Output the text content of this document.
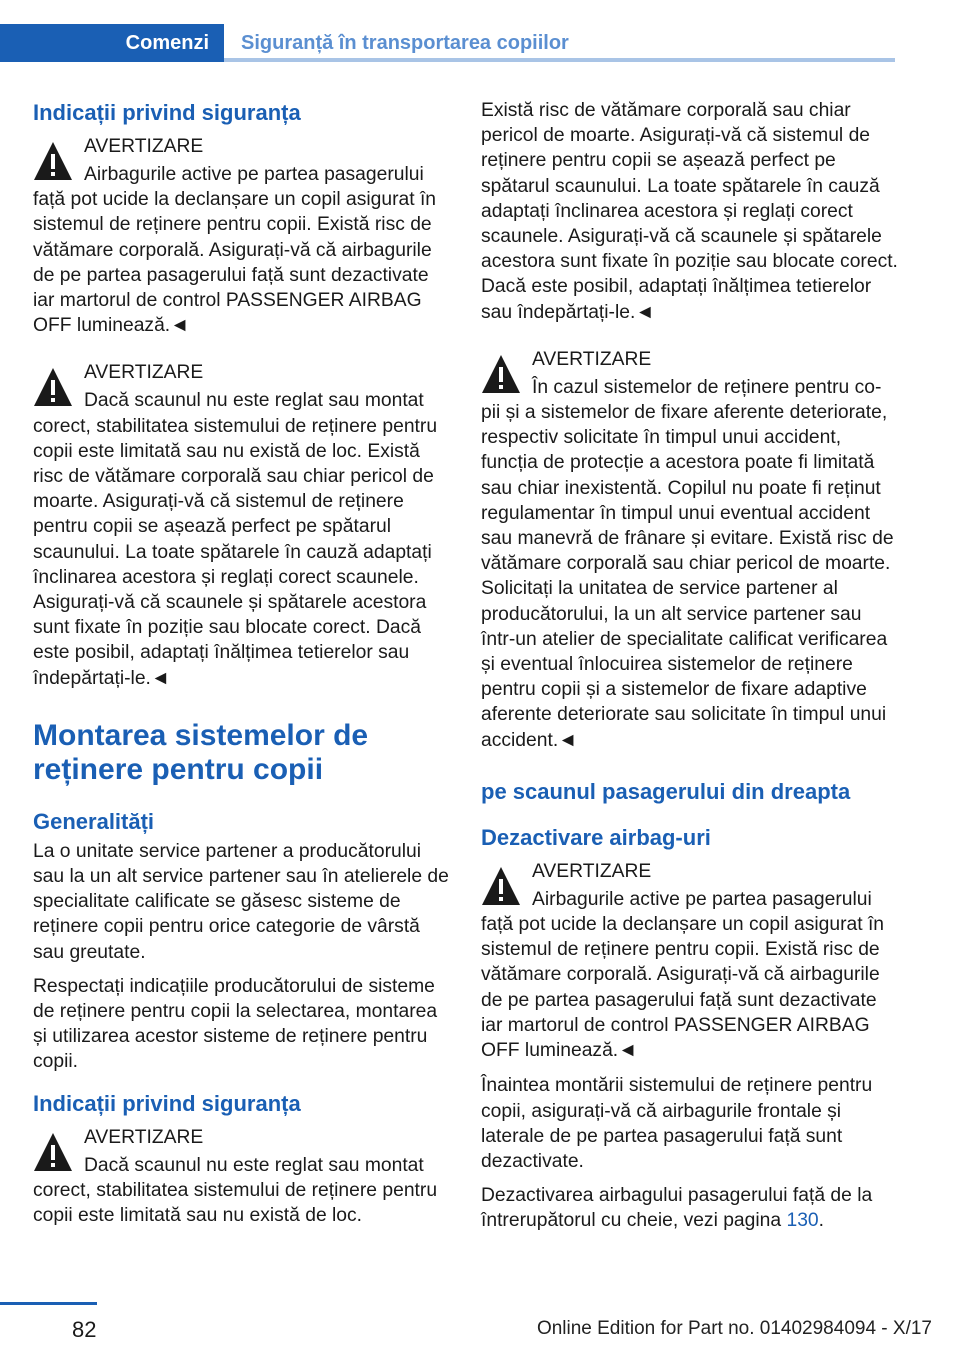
Comenzi	Siguranță în transportarea copiilor
Indicații privind siguranța
AVERTIZARE
Airbagurile active pe partea pasagerului
față pot ucide la declanșare un copil asigurat în sistemul de reținere pentru copii. Există risc de vătămare corporală. Asigurați-vă că airbagurile de pe partea pasagerului față sunt dezactivate iar martorul de control PASSENGER AIRBAG OFF luminează.◄
AVERTIZARE
Dacă scaunul nu este reglat sau montat
corect, stabilitatea sistemului de reținere pentru copii este limitată sau nu există de loc. Există risc de vătămare corporală sau chiar pericol de moarte. Asigurați-vă că sistemul de reținere pentru copii se așează perfect pe spătarul scaunului. La toate spătarele în cauză adaptați înclinarea acestora și reglați corect scaunele. Asigurați-vă că scaunele și spătarele acestora sunt fixate în poziție sau blocate corect. Dacă este posibil, adaptați înălțimea tetierelor sau îndepărtați-le.◄
Montarea sistemelor de reținere pentru copii
Generalități

La o unitate service partener a producătorului sau la un alt service partener sau în atelierele de specialitate calificate se găsesc sisteme de reținere copii pentru orice categorie de vârstă sau greutate.

Respectați indicațiile producătorului de sisteme de reținere pentru copii la selectarea, montarea și utilizarea acestor sisteme de reținere pentru copii.

Indicații privind siguranța
AVERTIZARE
Dacă scaunul nu este reglat sau montat
corect, stabilitatea sistemului de reținere pentru copii este limitată sau nu există de loc.

Există risc de vătămare corporală sau chiar pericol de moarte. Asigurați-vă că sistemul de reținere pentru copii se așează perfect pe spătarul scaunului. La toate spătarele în cauză adaptați înclinarea acestora și reglați corect scaunele. Asigurați-vă că scaunele și spătarele acestora sunt fixate în poziție sau blocate corect. Dacă este posibil, adaptați înălțimea tetierelor sau îndepărtați-le.◄

AVERTIZARE
În cazul sistemelor de reținere pentru co-
pii și a sistemelor de fixare aferente deteriorate, respectiv solicitate în timpul unui accident, funcția de protecție a acestora poate fi limitată sau chiar inexistentă. Copilul nu poate fi reținut regulamentar în timpul unui eventual accident sau manevră de frânare și evitare. Există risc de vătămare corporală sau chiar pericol de moarte. Solicitați la unitatea de service partener al producătorului, la un alt service partener sau într-un atelier de specialitate calificat verificarea și eventual înlocuirea sistemelor de reținere pentru copii și a sistemelor de fixare adaptive aferente deteriorate sau solicitate în timpul unui accident.◄
pe scaunul pasagerului din dreapta
Dezactivare airbag-uri
AVERTIZARE
Airbagurile active pe partea pasagerului
față pot ucide la declanșare un copil asigurat în sistemul de reținere pentru copii. Există risc de vătămare corporală. Asigurați-vă că airbagurile de pe partea pasagerului față sunt dezactivate iar martorul de control PASSENGER AIRBAG OFF luminează.◄

Înaintea montării sistemului de reținere pentru copii, asigurați-vă că airbagurile frontale și laterale de pe partea pasagerului față sunt dezactivate.

Dezactivarea airbagului pasagerului față de la întrerupătorul cu cheie, vezi pagina 130.

82	Online Edition for Part no. 01402984094 - X/17
